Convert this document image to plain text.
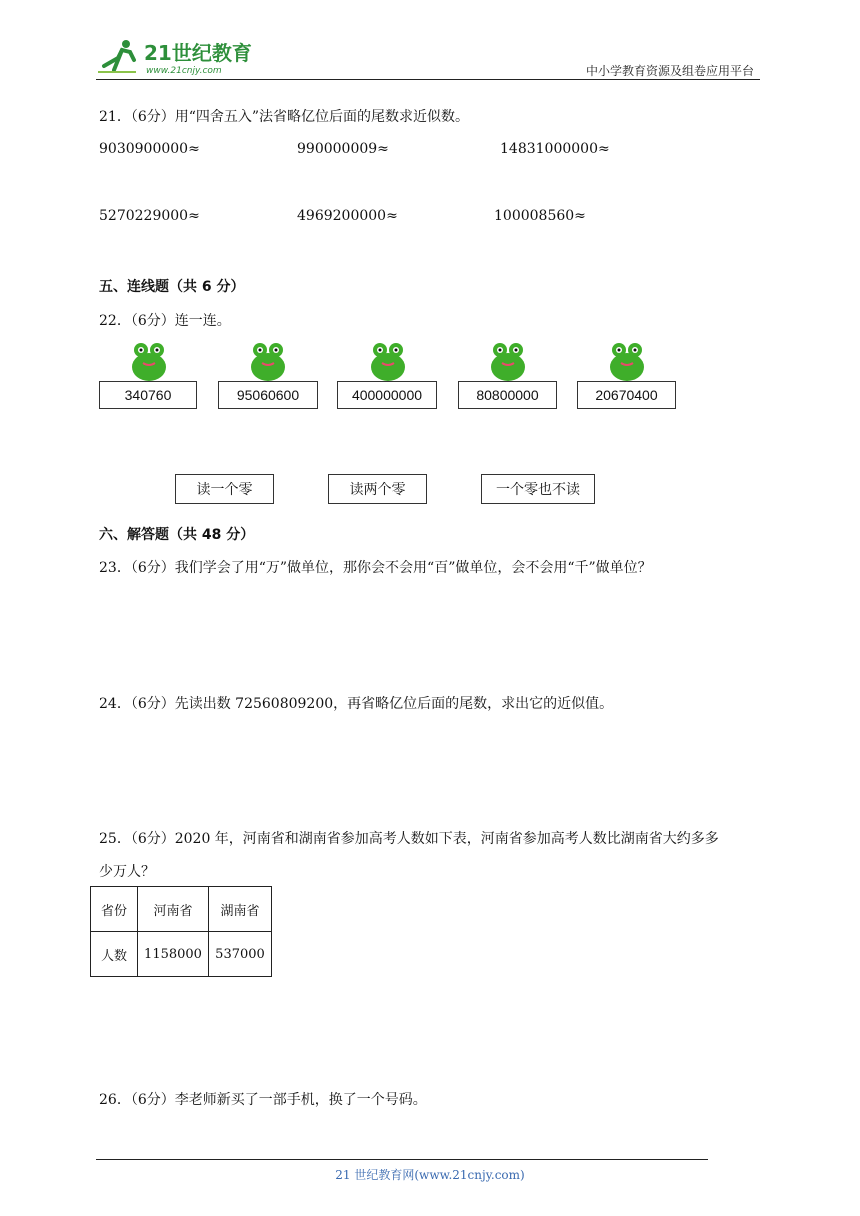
21世纪教育
www.21cnjy.com	中小学教育资源及组卷应用平台
21．（6分）用“四舍五入”法省略亿位后面的尾数求近似数。
9030900000≈	990000009≈	14831000000≈
5270229000≈	4969200000≈	100008560≈
五、连线题（共 6 分）
22．（6分）连一连。
340760	95060600	400000000	80800000	20670400
读一个零	读两个零	一个零也不读
六、解答题（共 48 分）
23．（6分）我们学会了用“万”做单位，那你会不会用“百”做单位，会不会用“千”做单位？
24．（6分）先读出数 72560809200，再省略亿位后面的尾数，求出它的近似值。
25．（6分）2020 年，河南省和湖南省参加高考人数如下表，河南省参加高考人数比湖南省大约多多
少万人？
省份	河南省	湖南省
人数	1158000	537000
26．（6分）李老师新买了一部手机，换了一个号码。
21 世纪教育网(www.21cnjy.com)
